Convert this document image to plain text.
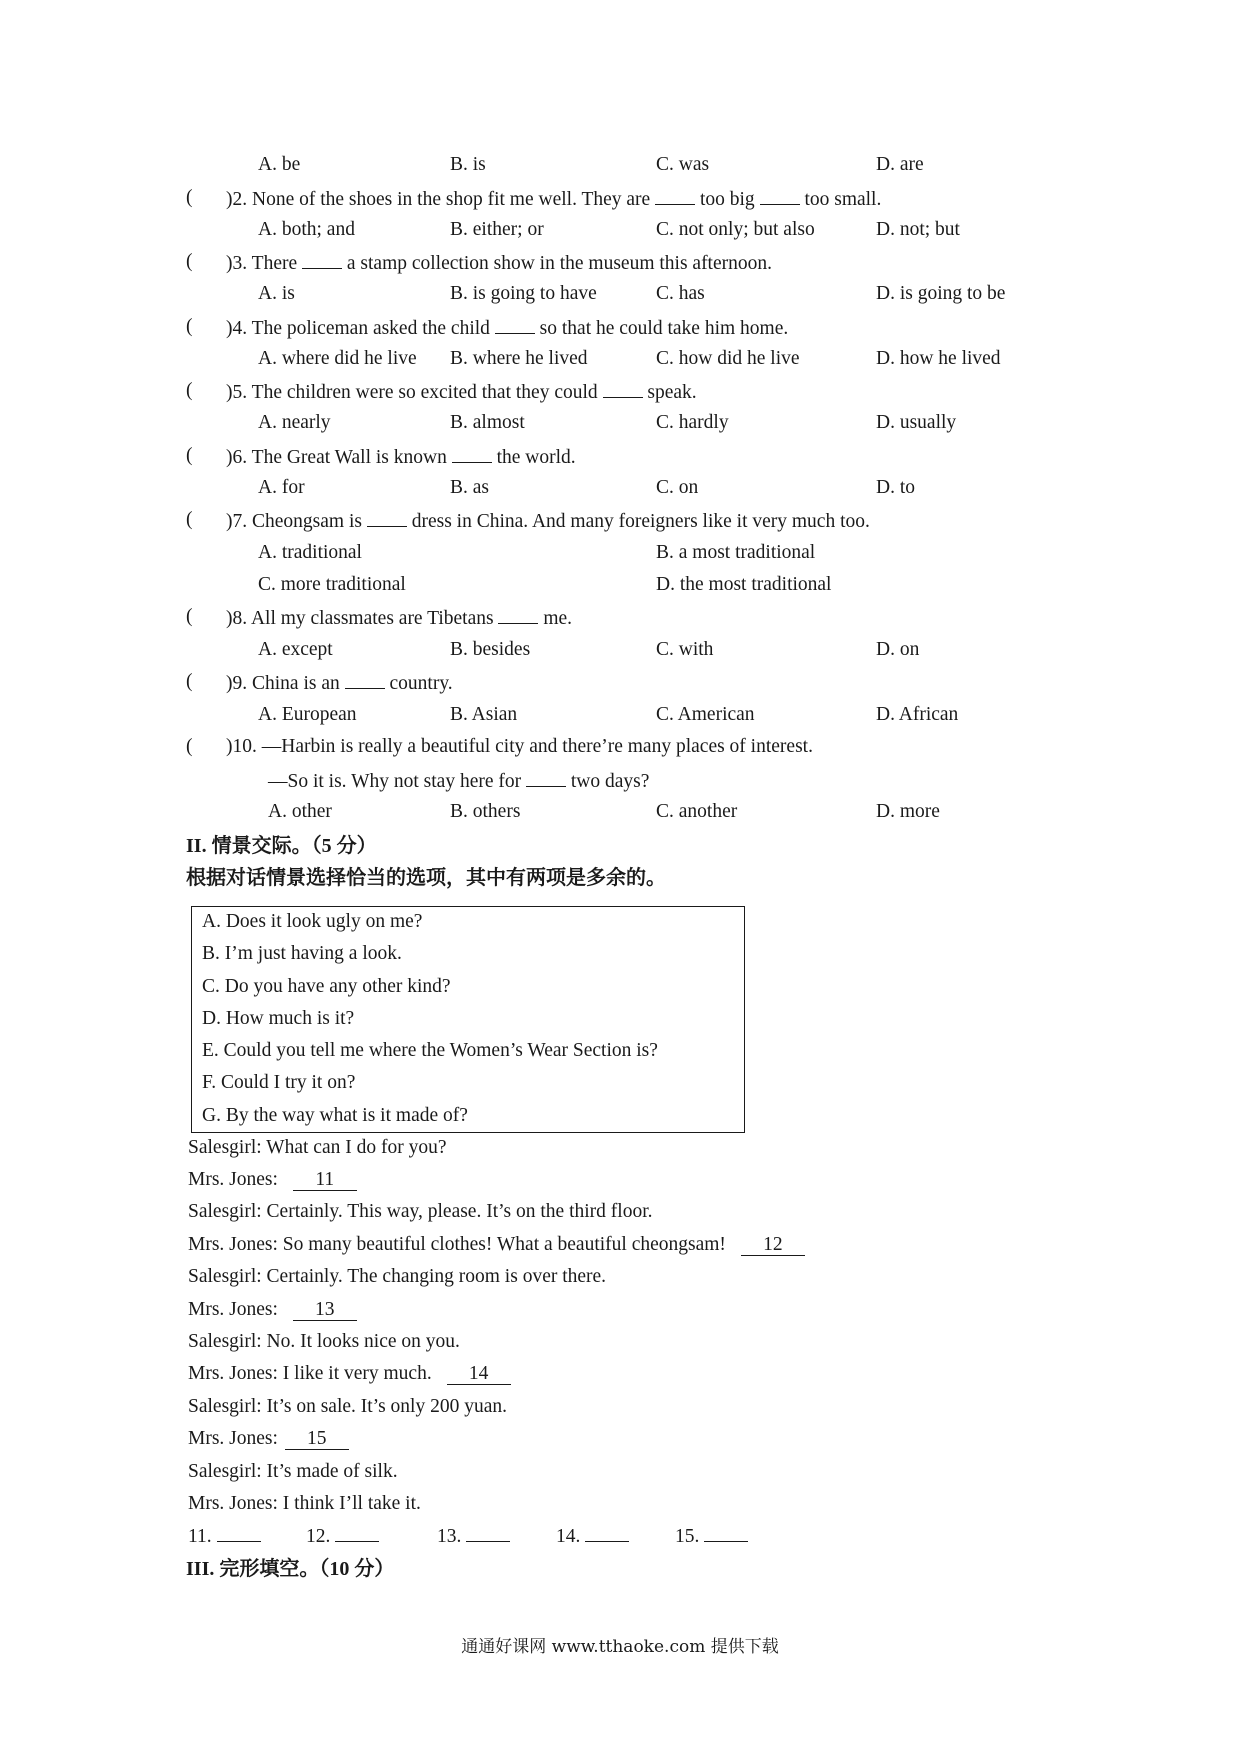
A. be	B. is	C. was	D. are
( )2. None of the shoes in the shop fit me well. They are	too big	too small.
A. both; and	B. either; or	C. not only; but also	D. not; but
( )3. There	a stamp collection show in the museum this afternoon.
A. is	B. is going to have	C. has	D. is going to be
( )4. The policeman asked the child	so that he could take him home.
A. where did he live B. where he lived	C. how did he live	D. how he lived
( )5. The children were so excited that they could	speak.
A. nearly	B. almost	C. hardly	D. usually
( )6. The Great Wall is known	the world.
A. for	B. as	C. on	D. to
( )7. Cheongsam is	dress in China. And many foreigners like it very much too.
A. traditional	B. a most traditional
C. more traditional	D. the most traditional
( )8. All my classmates are Tibetans	me.
A. except	B. besides	C. with	D. on
( )9. China is an	country.
A. European	B. Asian	C. American	D. African
( )10. —Harbin is really a beautiful city and there’re many places of interest.
—So it is. Why not stay here for	two days?
A. other	B. others	C. another	D. more
II. 情景交际。（5 分）
根据对话情景选择恰当的选项，其中有两项是多余的。
A. Does it look ugly on me?
B. I’m just having a look.
C. Do you have any other kind?
D. How much is it?
E. Could you tell me where the Women’s Wear Section is?
F. Could I try it on?
G. By the way what is it made of?
Salesgirl: What can I do for you?
Mrs. Jones: 11
Salesgirl: Certainly. This way, please. It’s on the third floor.
Mrs. Jones: So many beautiful clothes! What a beautiful cheongsam! 12
Salesgirl: Certainly. The changing room is over there.
Mrs. Jones: 13
Salesgirl: No. It looks nice on you.
Mrs. Jones: I like it very much. 14
Salesgirl: It’s on sale. It’s only 200 yuan.
Mrs. Jones: 15
Salesgirl: It’s made of silk.
Mrs. Jones: I think I’ll take it.
11.	12.	13.	14.	15.
III. 完形填空。（10 分）
通通好课网 www.tthaoke.com 提供下载
